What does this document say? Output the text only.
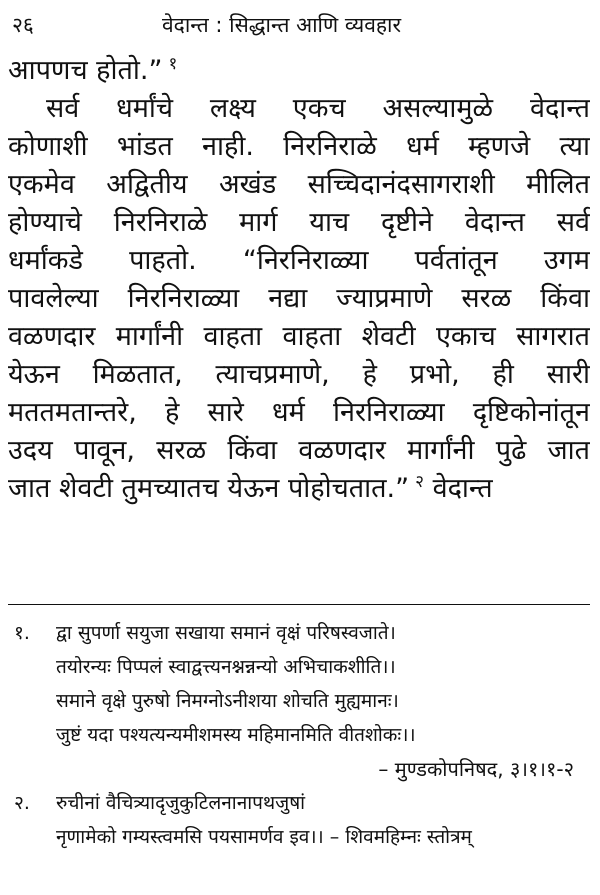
२६	वेदान्त : सिद्धान्त आणि व्यवहार
आपणच होतो.” $^१$
सर्व धर्मांचे लक्ष्य एकच असल्यामुळे वेदान्त
कोणाशी भांडत नाही. निरनिराळे धर्म म्हणजे त्या
एकमेव अद्वितीय अखंड सच्चिदानंदसागराशी मीलित
होण्याचे निरनिराळे मार्ग याच दृष्टीने वेदान्त सर्व
धर्मांकडे पाहतो. “निरनिराळ्या पर्वतांतून उगम
पावलेल्या निरनिराळ्या नद्या ज्याप्रमाणे सरळ किंवा
वळणदार मार्गांनी वाहता वाहता शेवटी एकाच सागरात
येऊन मिळतात, त्याचप्रमाणे, हे प्रभो, ही सारी
मततमतान्तरे, हे सारे धर्म निरनिराळ्या दृष्टिकोनांतून
उदय पावून, सरळ किंवा वळणदार मार्गांनी पुढे जात
जात शेवटी तुमच्यातच येऊन पोहोचतात.” $^२$ वेदान्त
१. द्वा सुपर्णा सयुजा सखाया समानं वृक्षं परिषस्वजाते।
तयोरन्यः पिप्पलं स्वाद्वत्त्यनश्नन्नन्यो अभिचाकशीति।।
समाने वृक्षे पुरुषो निमग्नोऽनीशया शोचति मुह्यमानः।
जुष्टं यदा पश्यत्यन्यमीशमस्य महिमानमिति वीतशोकः।।
– मुण्डकोपनिषद, ३।१।१-२
२. रुचीनां वैचित्र्याद‍ृजुकुटिलनानापथजुषां
नृणामेको गम्यस्त्वमसि पयसामर्णव इव।। – शिवमहिम्नः स्तोत्रम्
